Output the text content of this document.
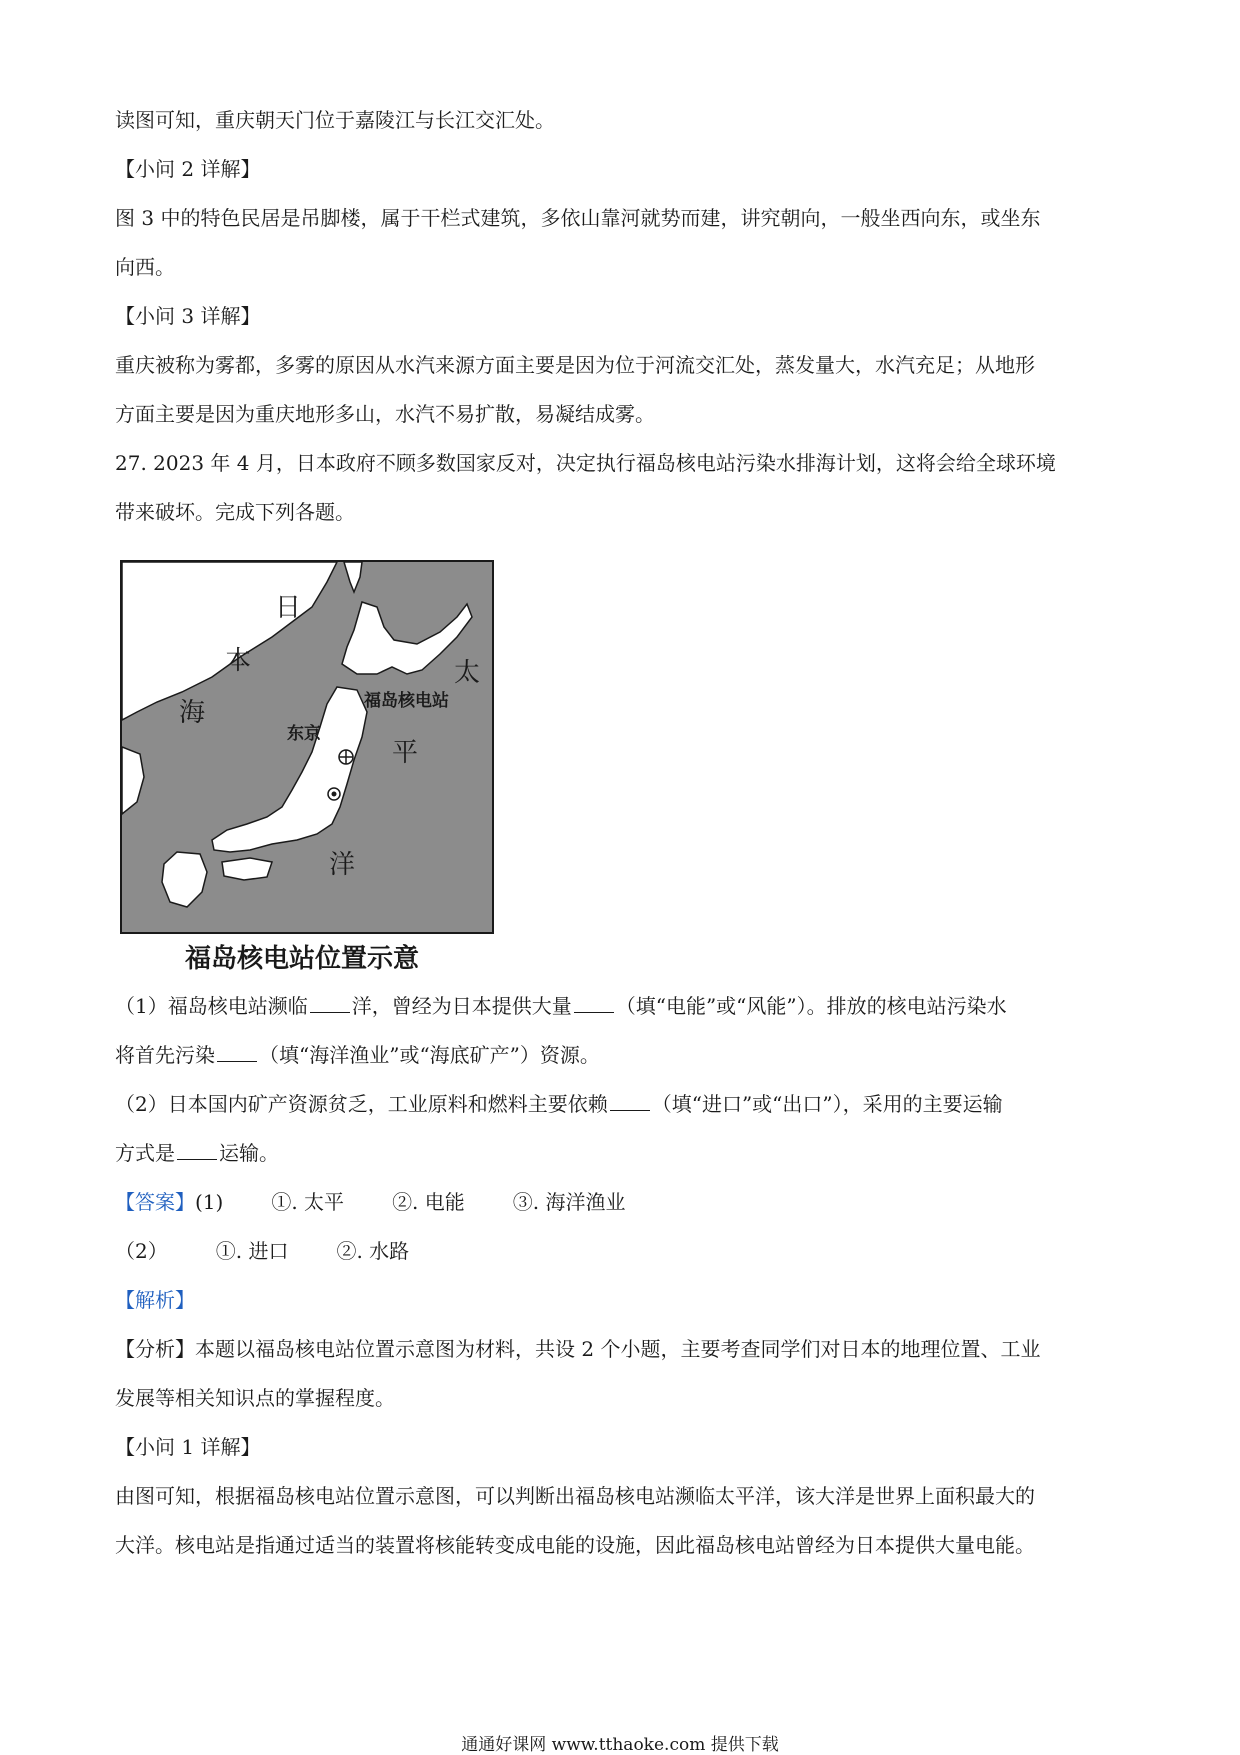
读图可知，重庆朝天门位于嘉陵江与长江交汇处。
【小问 2 详解】
图 3 中的特色民居是吊脚楼，属于干栏式建筑，多依山靠河就势而建，讲究朝向，一般坐西向东，或坐东
向西。
【小问 3 详解】
重庆被称为雾都，多雾的原因从水汽来源方面主要是因为位于河流交汇处，蒸发量大，水汽充足；从地形
方面主要是因为重庆地形多山，水汽不易扩散，易凝结成雾。
27. 2023 年 4 月，日本政府不顾多数国家反对，决定执行福岛核电站污染水排海计划，这将会给全球环境
带来破坏。完成下列各题。
日
本
海
太
平
洋
福岛核电站
东京
福岛核电站位置示意
（1）福岛核电站濒临 洋，曾经为日本提供大量 （填“电能”或“风能”）。排放的核电站污染水
将首先污染 （填“海洋渔业”或“海底矿产”）资源。
（2）日本国内矿产资源贫乏，工业原料和燃料主要依赖 （填“进口”或“出口”），采用的主要运输
方式是 运输。
【答案】(1) ①. 太平 ②. 电能 ③. 海洋渔业
（2） ①. 进口 ②. 水路
【解析】
【分析】本题以福岛核电站位置示意图为材料，共设 2 个小题，主要考查同学们对日本的地理位置、工业
发展等相关知识点的掌握程度。
【小问 1 详解】
由图可知，根据福岛核电站位置示意图，可以判断出福岛核电站濒临太平洋，该大洋是世界上面积最大的
大洋。核电站是指通过适当的装置将核能转变成电能的设施，因此福岛核电站曾经为日本提供大量电能。
通通好课网 www.tthaoke.com 提供下载
